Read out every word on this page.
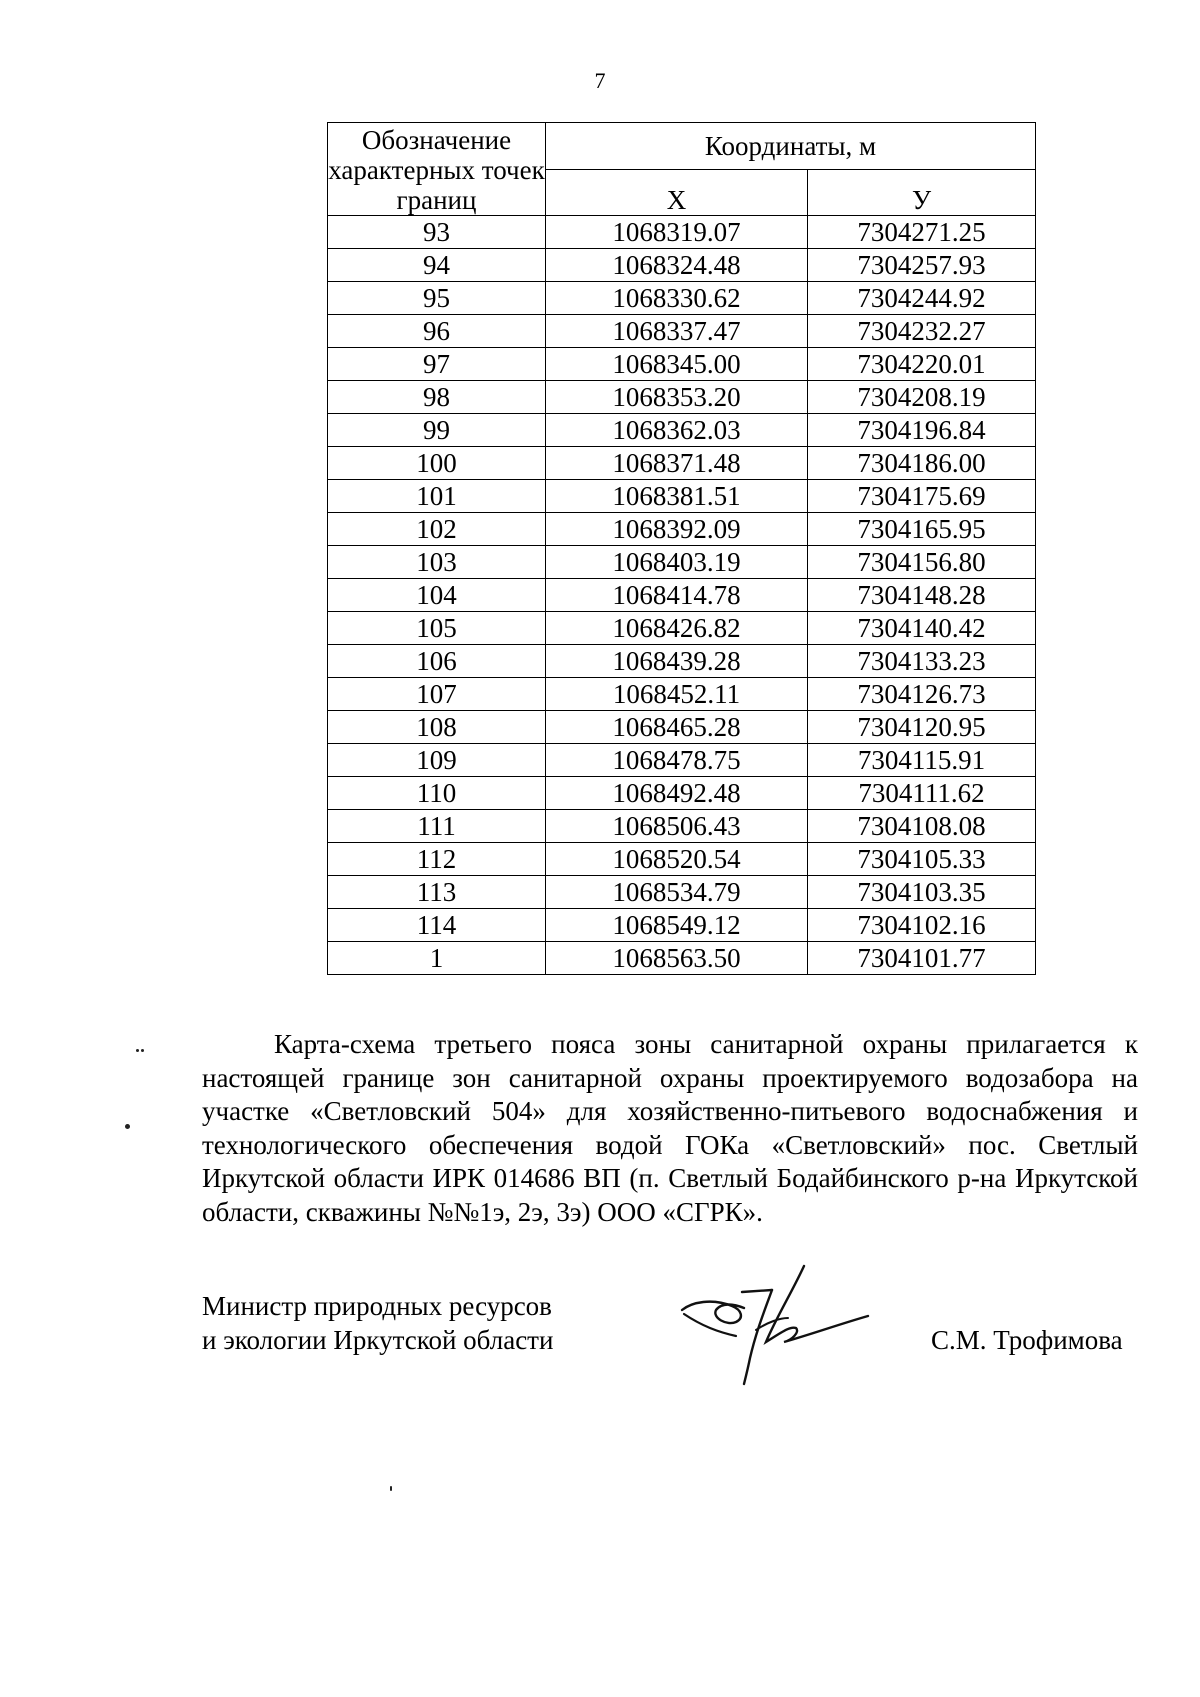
7
Обозначение характерных точек границ	Координаты, м	
	X	У
93	1068319.07	7304271.25
94	1068324.48	7304257.93
95	1068330.62	7304244.92
96	1068337.47	7304232.27
97	1068345.00	7304220.01
98	1068353.20	7304208.19
99	1068362.03	7304196.84
100	1068371.48	7304186.00
101	1068381.51	7304175.69
102	1068392.09	7304165.95
103	1068403.19	7304156.80
104	1068414.78	7304148.28
105	1068426.82	7304140.42
106	1068439.28	7304133.23
107	1068452.11	7304126.73
108	1068465.28	7304120.95
109	1068478.75	7304115.91
110	1068492.48	7304111.62
111	1068506.43	7304108.08
112	1068520.54	7304105.33
113	1068534.79	7304103.35
114	1068549.12	7304102.16
1	1068563.50	7304101.77

Карта-схема третьего пояса зоны санитарной охраны прилагается к настоящей границе зон санитарной охраны проектируемого водозабора на участке «Светловский 504» для хозяйственно-питьевого водоснабжения и технологического обеспечения водой ГОКа «Светловский» пос. Светлый Иркутской области ИРК 014686 ВП (п. Светлый Бодайбинского р-на Иркутской области, скважины №№1э, 2э, 3э) ООО «СГРК».

Министр природных ресурсов
и экологии Иркутской области	С.М. Трофимова
